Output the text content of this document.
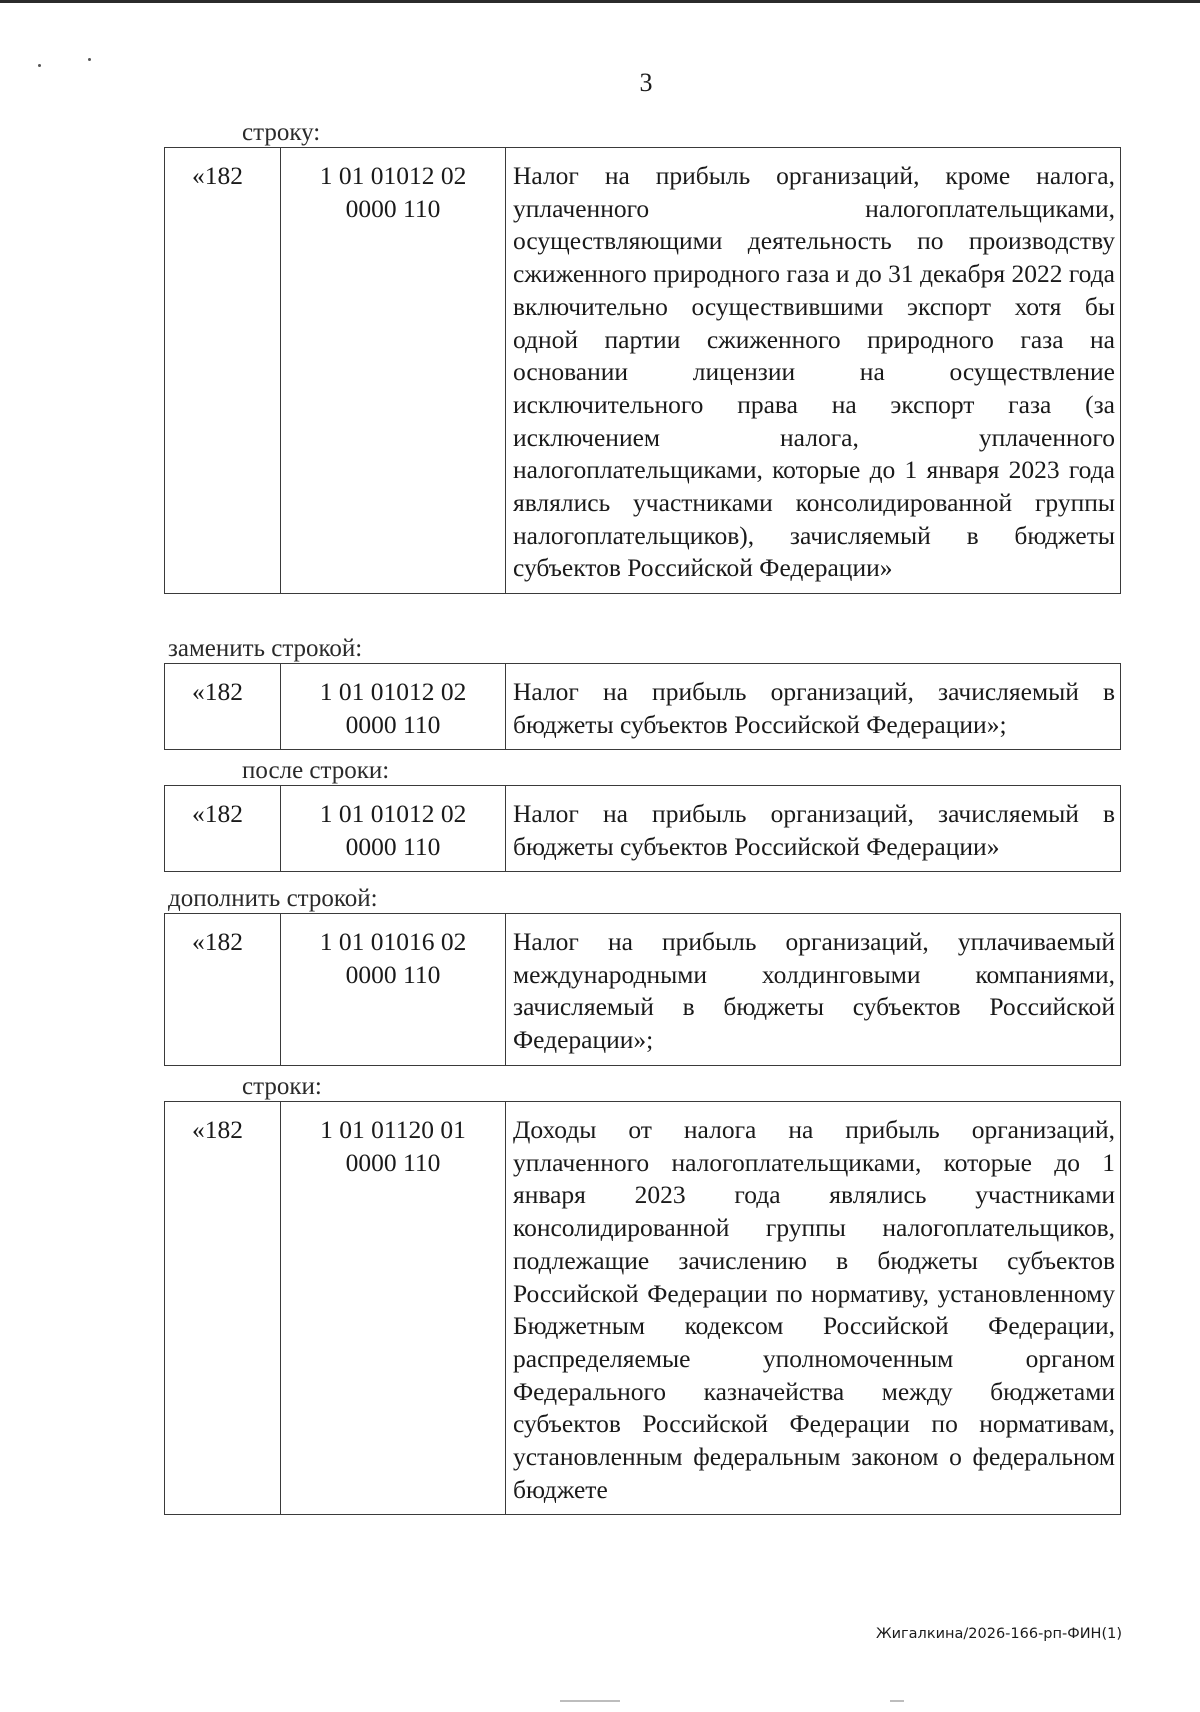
3
строку:
«182	1 01 01012 02
0000 110
	Налог на прибыль организаций, кроме налога, уплаченного налогоплательщиками, осуществляющими деятельность по производству сжиженного природного газа и до 31 декабря 2022 года включительно осуществившими экспорт хотя бы одной партии сжиженного природного газа на основании лицензии на осуществление исключительного права на экспорт газа (за исключением налога, уплаченного налогоплательщиками, которые до 1 января 2023 года являлись участниками консолидированной группы налогоплательщиков), зачисляемый в бюджеты субъектов Российской Федерации»
заменить строкой:
«182	1 01 01012 02
0000 110
	Налог на прибыль организаций, зачисляемый в бюджеты субъектов Российской Федерации»;
после строки:
«182	1 01 01012 02
0000 110
	Налог на прибыль организаций, зачисляемый в бюджеты субъектов Российской Федерации»
дополнить строкой:
«182	1 01 01016 02
0000 110
	Налог на прибыль организаций, уплачиваемый международными холдинговыми компаниями, зачисляемый в бюджеты субъектов Российской Федерации»;
строки:
«182	1 01 01120 01
0000 110
	Доходы от налога на прибыль организаций, уплаченного налогоплательщиками, которые до 1 января 2023 года являлись участниками консолидированной группы налогоплательщиков, подлежащие зачислению в бюджеты субъектов Российской Федерации по нормативу, установленному Бюджетным кодексом Российской Федерации, распределяемые уполномоченным органом Федерального казначейства между бюджетами субъектов Российской Федерации по нормативам, установленным федеральным законом о федеральном бюджете
Жигалкина/2026-166-рп-ФИН(1)
